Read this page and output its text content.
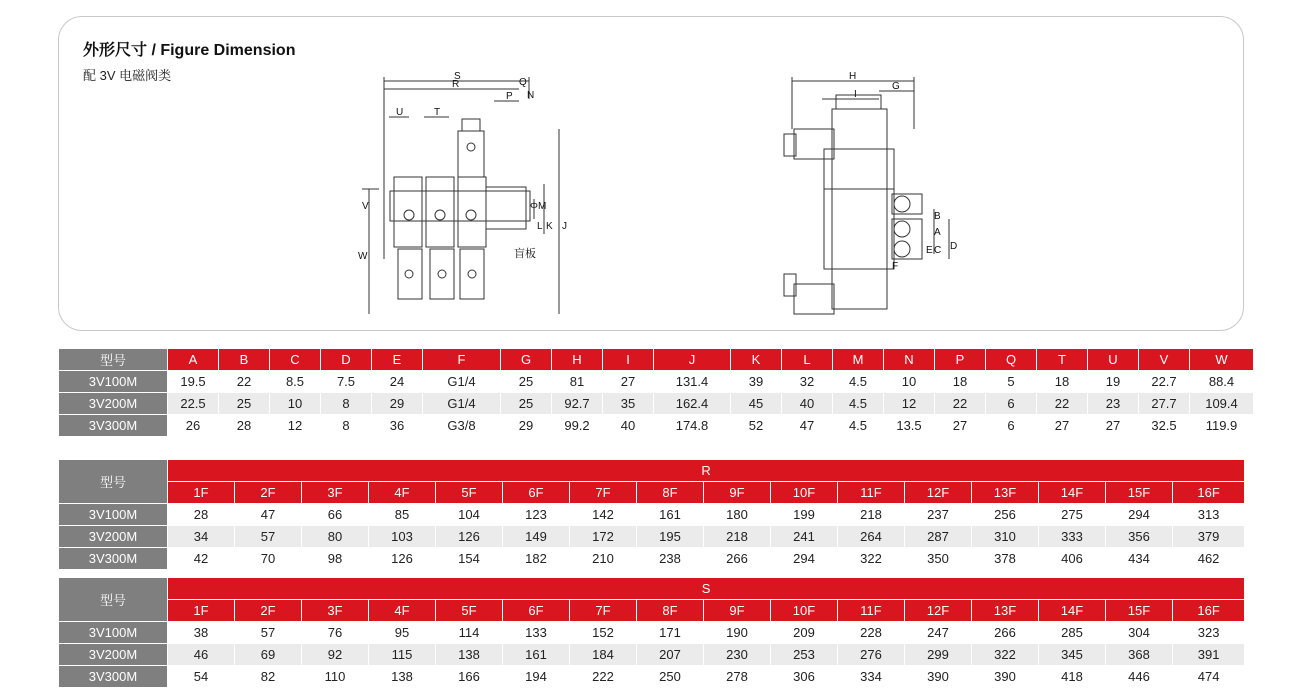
外形尺寸 / Figure Dimension
配 3V 电磁阀类	S
R	Q
N
P
U	T
V
W
ΦM
L K J
盲板
H
I
G
B
A
C D
E
F
型号	A	B	C	D	E	F	G	H	I	J	K	L	M	N	P	Q	T	U	V	W
3V100M	19.5	22	8.5	7.5	24	G1/4	25	81	27	131.4	39	32	4.5	10	18	5	18	19	22.7	88.4
3V200M	22.5	25	10	8	29	G1/4	25	92.7	35	162.4	45	40	4.5	12	22	6	22	23	27.7	109.4
3V300M	26	28	12	8	36	G3/8	29	99.2	40	174.8	52	47	4.5	13.5	27	6	27	27	32.5	119.9
型号	R															
	1F	2F	3F	4F	5F	6F	7F	8F	9F	10F	11F	12F	13F	14F	15F	16F
3V100M	28	47	66	85	104	123	142	161	180	199	218	237	256	275	294	313
3V200M	34	57	80	103	126	149	172	195	218	241	264	287	310	333	356	379
3V300M	42	70	98	126	154	182	210	238	266	294	322	350	378	406	434	462
型号	S															
	1F	2F	3F	4F	5F	6F	7F	8F	9F	10F	11F	12F	13F	14F	15F	16F
3V100M	38	57	76	95	114	133	152	171	190	209	228	247	266	285	304	323
3V200M	46	69	92	115	138	161	184	207	230	253	276	299	322	345	368	391
3V300M	54	82	110	138	166	194	222	250	278	306	334	390	390	418	446	474
